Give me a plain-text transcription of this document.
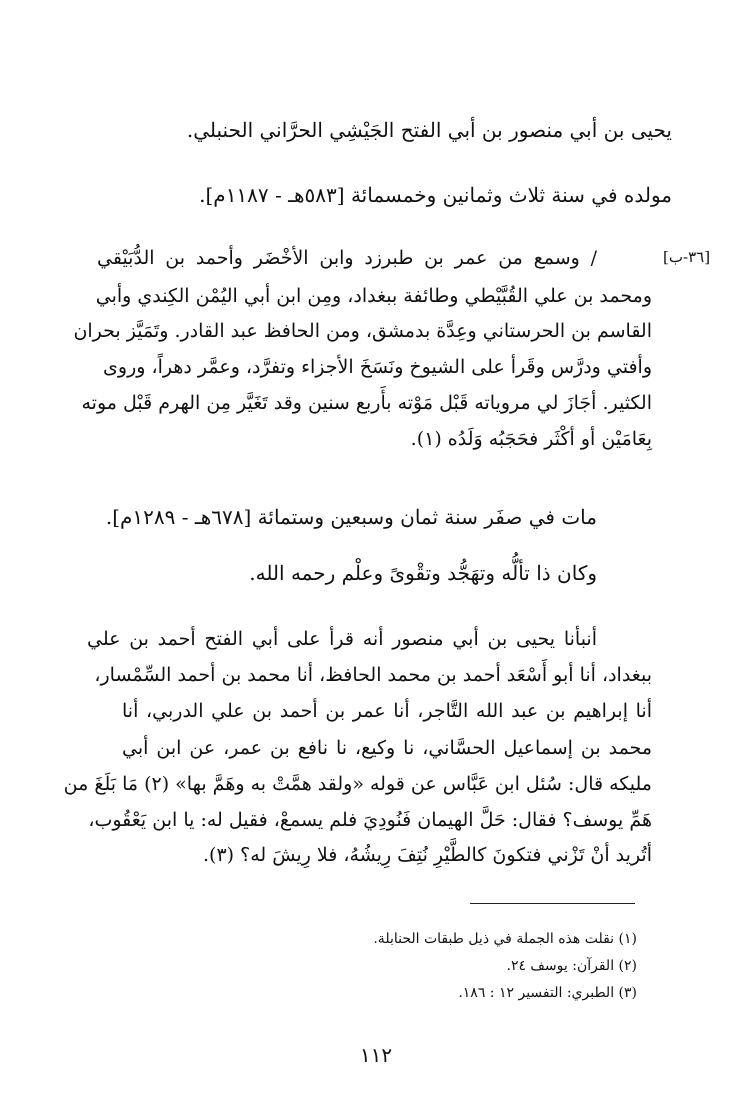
يحيى بن أبي منصور بن أبي الفتح الجَيْشِي الحرَّاني الحنبلي.
مولده في سنة ثلاث وثمانين وخمسمائة [٥٨٣هـ - ١١٨٧م].
[٣٦-ب]
/ وسمع من عمر بن طبرزد وابن الأخْضَر وأحمد بن الدُّبَيْقي
ومحمد بن علي القُبَّيْطي وطائفة ببغداد، ومِن ابن أبي اليُمْن الكِندي وأبي
القاسم بن الحرستاني وعِدَّة بدمشق، ومن الحافظ عبد القادر. وتَمَيَّز بحران
وأفتي ودرَّس وقَرأ على الشيوخ ونَسَخَ الأجزاء وتفرَّد، وعمَّر دهراً، وروى
الكثير. أجَازَ لي مروياته قَبْل مَوْته بأَربع سنين وقد تَغَيَّر مِن الهرم قَبْل موته
بِعَامَيْن أو أكْثَر فحَجَبُه وَلَدُه (١).
مات في صفَر سنة ثمان وسبعين وستمائة [٦٧٨هـ - ١٢٨٩م].
وكان ذا تألُّه وتهَجُّد وتقْوىً وعلْم رحمه الله.
أنبأنا يحيى بن أبي منصور أنه قرأ على أبي الفتح أحمد بن علي
ببغداد، أنا أبو أَسْعَد أحمد بن محمد الحافظ، أنا محمد بن أحمد السِّمْسار،
أنا إبراهيم بن عبد الله التَّاجر، أنا عمر بن أحمد بن علي الدربي، أنا
محمد بن إسماعيل الحسَّاني، نا وكيع، نا نافع بن عمر، عن ابن أبي
مليكه قال: سُئل ابن عَبَّاس عن قوله «ولقد همَّتْ به وهَمَّ بها» (٢) مَا بَلَغَ من
هَمِّ يوسف؟ فقال: حَلَّ الهيمان فَنُودِيَ فلم يسمعْ، فقيل له: يا ابن يَعْقُوب،
أتُريد أنْ تَزْني فتكونَ كالطَّيْرِ نُتِفَ رِيشُهُ، فلا رِيشَ له؟ (٣).
(١) نقلت هذه الجملة في ذيل طبقات الحنابلة.
(٢) القرآن: يوسف ٢٤.
(٣) الطبري: التفسير ١٢ : ١٨٦.
١١٢
